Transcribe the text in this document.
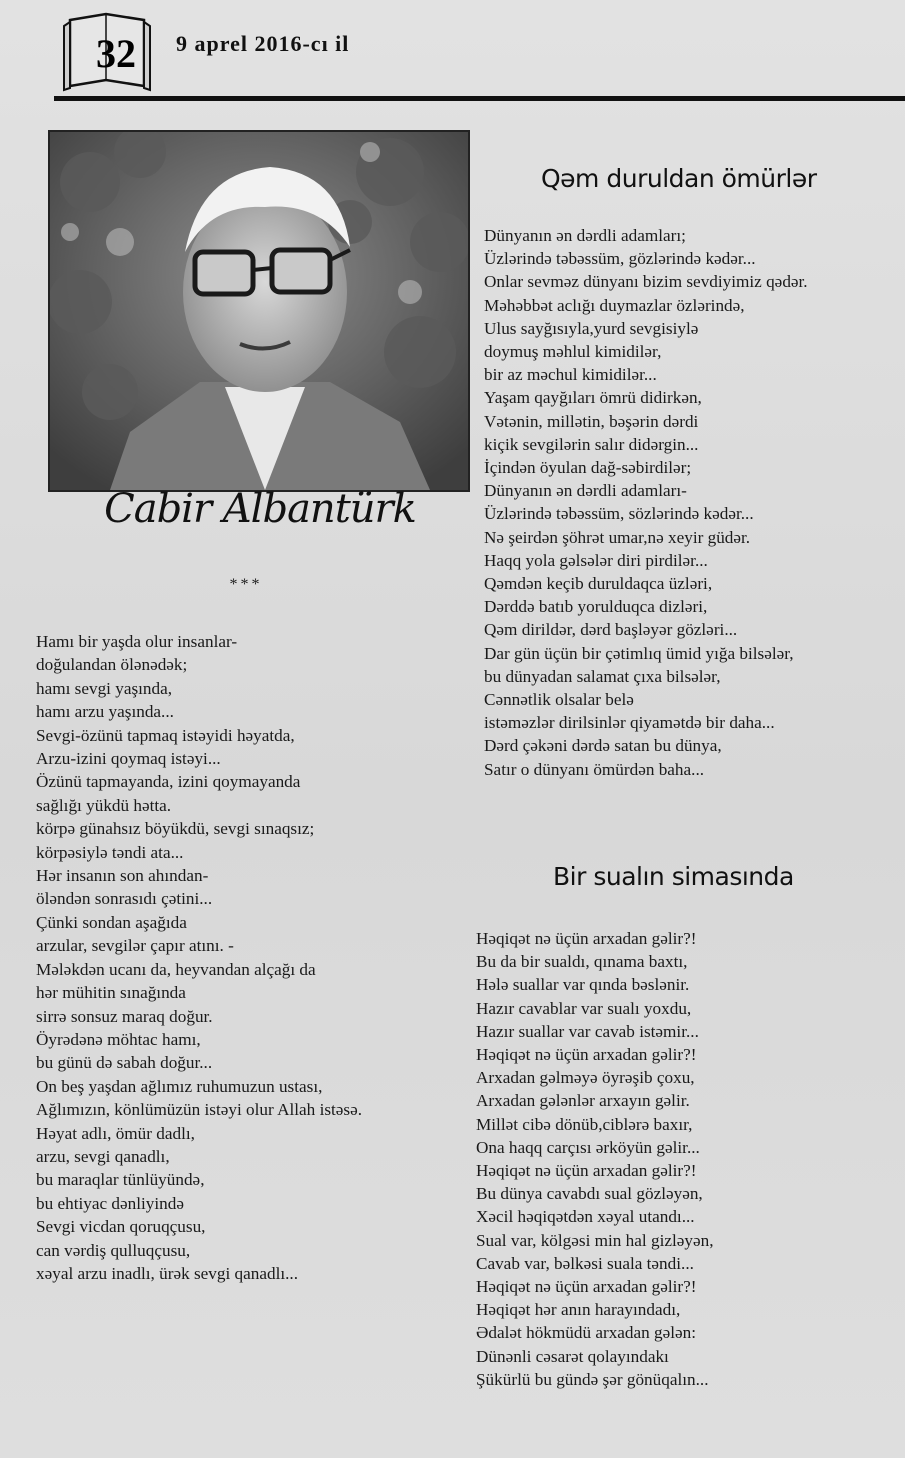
32	9 aprel 2016-cı il
Cabir Albantürk
***
Hamı bir yaşda olur insanlar-
doğulandan ölənədək;
hamı sevgi yaşında,
hamı arzu yaşında...
Sevgi-özünü tapmaq istəyidi həyatda,
Arzu-izini qoymaq istəyi...
Özünü tapmayanda, izini qoymayanda
sağlığı yükdü hətta.
körpə günahsız böyükdü, sevgi sınaqsız;
körpəsiylə təndi ata...
Hər insanın son ahından-
öləndən sonrasıdı çətini...
Çünki sondan aşağıda
arzular, sevgilər çapır atını. -
Mələkdən ucanı da, heyvandan alçağı da
hər mühitin sınağında
sirrə sonsuz maraq doğur.
Öyrədənə möhtac hamı,
bu günü də sabah doğur...
On beş yaşdan ağlımız ruhumuzun ustası,
Ağlımızın, könlümüzün istəyi olur Allah istəsə.
Həyat adlı, ömür dadlı,
arzu, sevgi qanadlı,
bu maraqlar tünlüyündə,
bu ehtiyac dənliyində
Sevgi vicdan qoruqçusu,
can vərdiş qulluqçusu,
xəyal arzu inadlı, ürək sevgi qanadlı...
Qəm duruldan ömürlər
Dünyanın ən dərdli adamları;
Üzlərində təbəssüm, gözlərində kədər...
Onlar sevməz dünyanı bizim sevdiyimiz qədər.
Məhəbbət aclığı duymazlar özlərində,
Ulus sayğısıyla,yurd sevgisiylə
doymuş məhlul kimidilər,
bir az məchul kimidilər...
Yaşam qayğıları ömrü didirkən,
Vətənin, millətin, bəşərin dərdi
kiçik sevgilərin salır didərgin...
İçindən öyulan dağ-səbirdilər;
Dünyanın ən dərdli adamları-
Üzlərində təbəssüm, sözlərində kədər...
Nə şeirdən şöhrət umar,nə xeyir güdər.
Haqq yola gəlsələr diri pirdilər...
Qəmdən keçib duruldaqca üzləri,
Dərddə batıb yorulduqca dizləri,
Qəm dirildər, dərd başləyər gözləri...
Dar gün üçün bir çətimlıq ümid yığa bilsələr,
bu dünyadan salamat çıxa bilsələr,
Cənnətlik olsalar belə
istəməzlər dirilsinlər qiyamətdə bir daha...
Dərd çəkəni dərdə satan bu dünya,
Satır o dünyanı ömürdən baha...
Bir sualın simasında
Həqiqət nə üçün arxadan gəlir?!
Bu da bir sualdı, qınama baxtı,
Hələ suallar var qında bəslənir.
Hazır cavablar var sualı yoxdu,
Hazır suallar var cavab istəmir...
Həqiqət nə üçün arxadan gəlir?!
Arxadan gəlməyə öyrəşib çoxu,
Arxadan gələnlər arxayın gəlir.
Millət cibə dönüb,ciblərə baxır,
Ona haqq carçısı ərköyün gəlir...
Həqiqət nə üçün arxadan gəlir?!
Bu dünya cavabdı sual gözləyən,
Xəcil həqiqətdən xəyal utandı...
Sual var, kölgəsi min hal gizləyən,
Cavab var, bəlkəsi suala təndi...
Həqiqət nə üçün arxadan gəlir?!
Həqiqət hər anın harayındadı,
Ədalət hökmüdü arxadan gələn:
Dünənli cəsarət qolayındakı
Şükürlü bu gündə şər gönüqalın...
